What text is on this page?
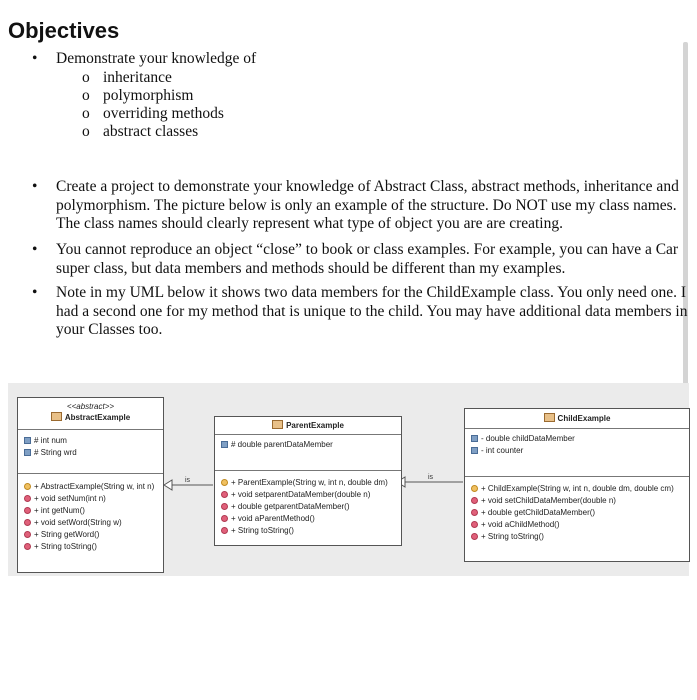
Objectives
• Demonstrate your knowledge of
o inheritance
o polymorphism
o overriding methods
o abstract classes
• Create a project to demonstrate your knowledge of Abstract Class, abstract methods, inheritance and polymorphism. The picture below is only an example of the structure. Do NOT use my class names. The class names should clearly represent what type of object you are are creating.
• You cannot reproduce an object “close” to book or class examples. For example, you can have a Car super class, but data members and methods should be different than my examples.
• Note in my UML below it shows two data members for the ChildExample class. You only need one. I had a second one for my method that is unique to the child. You may have additional data members in your Classes too.
is	is
<<abstract>>
AbstractExample
# int num
# String wrd
+ AbstractExample(String w, int n)
+ void setNum(int n)
+ int getNum()
+ void setWord(String w)
+ String getWord()
+ String toString()
ParentExample
# double parentDataMember
+ ParentExample(String w, int n, double dm)
+ void setparentDataMember(double n)
+ double getparentDataMember()
+ void aParentMethod()
+ String toString()
ChildExample
- double childDataMember
- int counter
+ ChildExample(String w, int n, double dm, double cm)
+ void setChildDataMember(double n)
+ double getChildDataMember()
+ void aChildMethod()
+ String toString()
